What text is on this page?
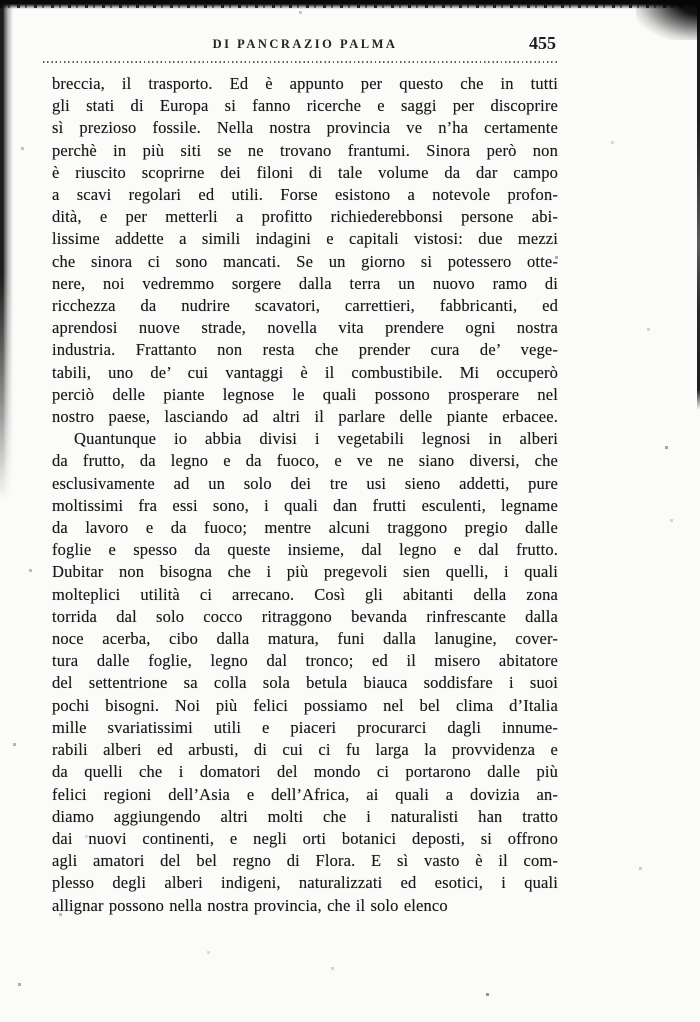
DI PANCRAZIO PALMA	455
breccia, il trasporto. Ed è appunto per questo che in tutti
gli stati di Europa si fanno ricerche e saggi per discoprire
sì prezioso fossile. Nella nostra provincia ve n’ha certamente
perchè in più siti se ne trovano frantumi. Sinora però non
è riuscito scoprirne dei filoni di tale volume da dar campo
a scavi regolari ed utili. Forse esistono a notevole profon-
dità, e per metterli a profitto richiederebbonsi persone abi-
lissime addette a simili indagini e capitali vistosi: due mezzi
che sinora ci sono mancati. Se un giorno si potessero otte-
nere, noi vedremmo sorgere dalla terra un nuovo ramo di
ricchezza da nudrire scavatori, carrettieri, fabbricanti, ed
aprendosi nuove strade, novella vita prendere ogni nostra
industria. Frattanto non resta che prender cura de’ vege-
tabili, uno de’ cui vantaggi è il combustibile. Mi occuperò
perciò delle piante legnose le quali possono prosperare nel
nostro paese, lasciando ad altri il parlare delle piante erbacee.
Quantunque io abbia divisi i vegetabili legnosi in alberi
da frutto, da legno e da fuoco, e ve ne siano diversi, che
esclusivamente ad un solo dei tre usi sieno addetti, pure
moltissimi fra essi sono, i quali dan frutti esculenti, legname
da lavoro e da fuoco; mentre alcuni traggono pregio dalle
foglie e spesso da queste insieme, dal legno e dal frutto.
Dubitar non bisogna che i più pregevoli sien quelli, i quali
molteplici utilità ci arrecano. Così gli abitanti della zona
torrida dal solo cocco ritraggono bevanda rinfrescante dalla
noce acerba, cibo dalla matura, funi dalla lanugine, cover-
tura dalle foglie, legno dal tronco; ed il misero abitatore
del settentrione sa colla sola betula biauca soddisfare i suoi
pochi bisogni. Noi più felici possiamo nel bel clima d’Italia
mille svariatissimi utili e piaceri procurarci dagli innume-
rabili alberi ed arbusti, di cui ci fu larga la provvidenza e
da quelli che i domatori del mondo ci portarono dalle più
felici regioni dell’Asia e dell’Africa, ai quali a dovizia an-
diamo aggiungendo altri molti che i naturalisti han tratto
dai nuovi continenti, e negli orti botanici deposti, si offrono
agli amatori del bel regno di Flora. E sì vasto è il com-
plesso degli alberi indigeni, naturalizzati ed esotici, i quali
allignar possono nella nostra provincia, che il solo elenco
